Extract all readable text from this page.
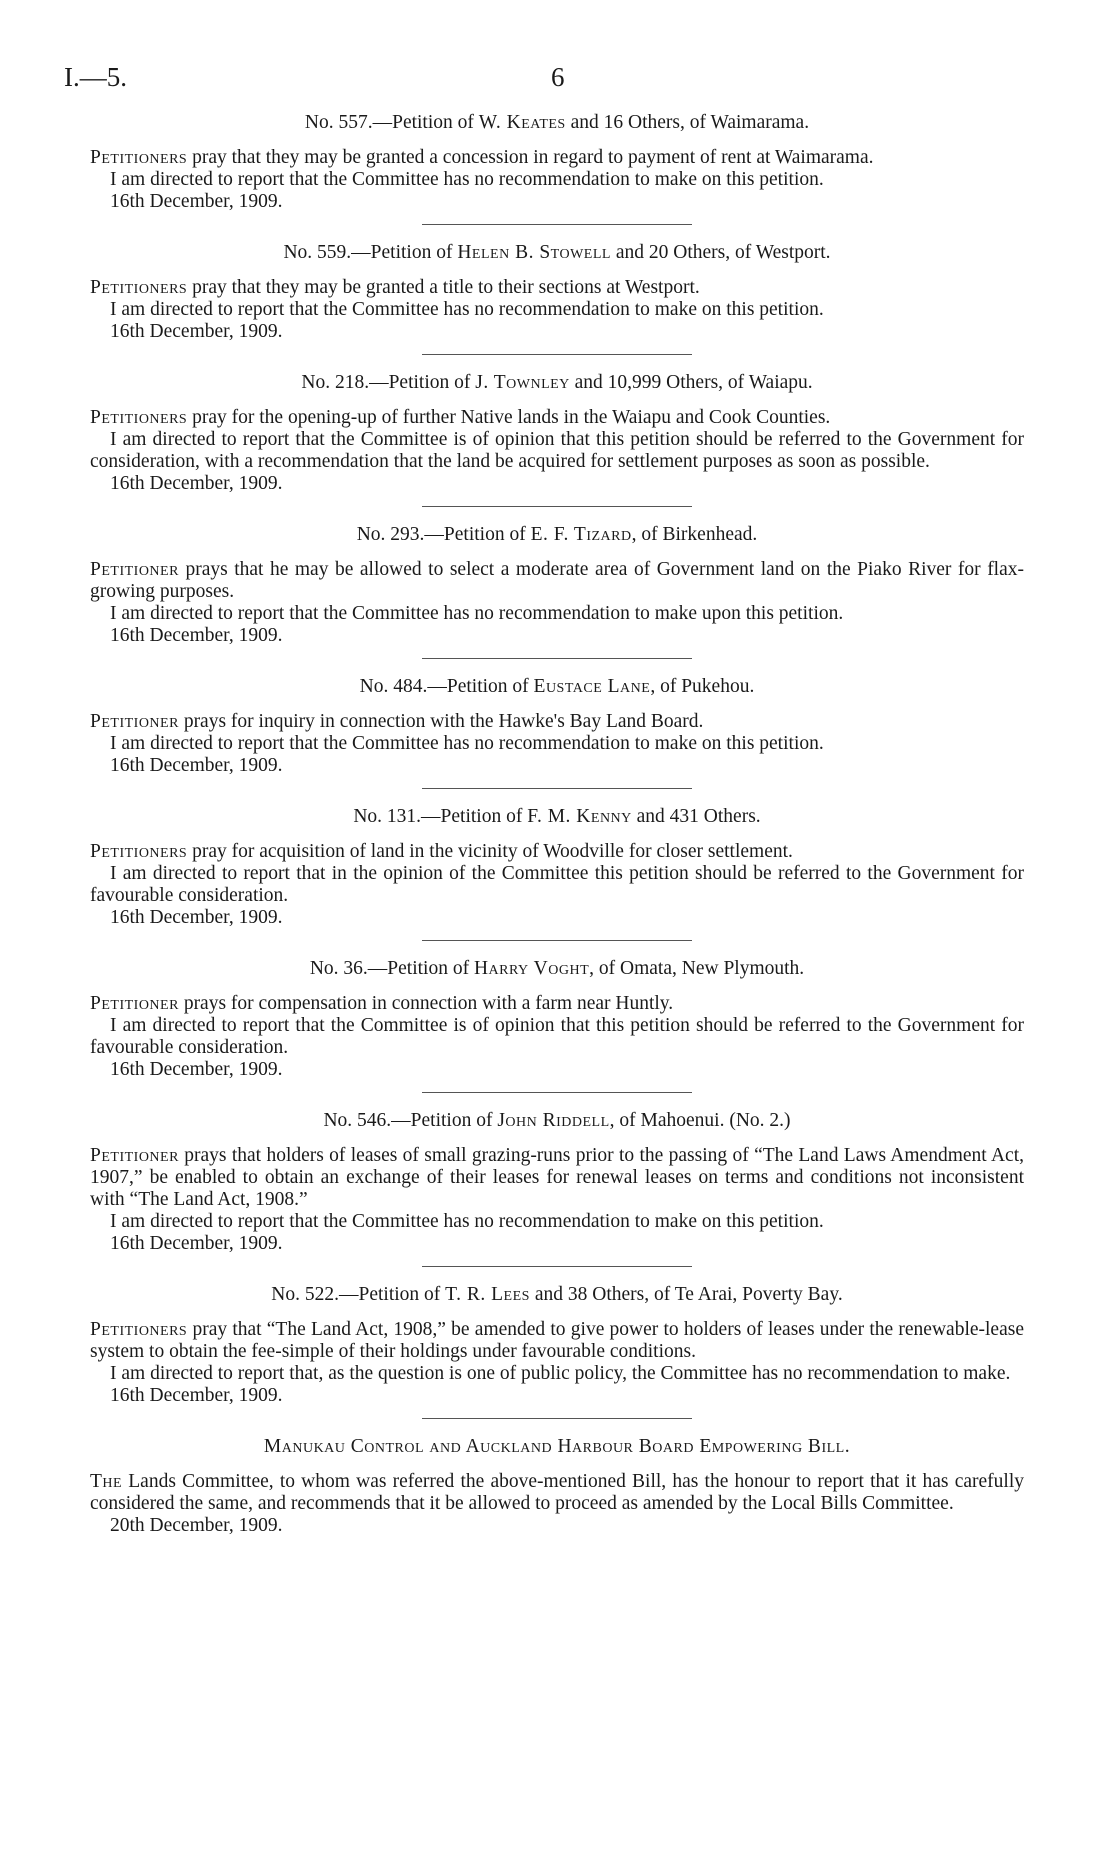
I.—5.	6

No. 557.—Petition of W. Keates and 16 Others, of Waimarama.

Petitioners pray that they may be granted a concession in regard to payment of rent at Waimarama.

I am directed to report that the Committee has no recommendation to make on this petition.

16th December, 1909.

No. 559.—Petition of Helen B. Stowell and 20 Others, of Westport.

Petitioners pray that they may be granted a title to their sections at Westport.

I am directed to report that the Committee has no recommendation to make on this petition.

16th December, 1909.

No. 218.—Petition of J. Townley and 10,999 Others, of Waiapu.

Petitioners pray for the opening-up of further Native lands in the Waiapu and Cook Counties.

I am directed to report that the Committee is of opinion that this petition should be referred to the Government for consideration, with a recommendation that the land be acquired for settlement purposes as soon as possible.

16th December, 1909.

No. 293.—Petition of E. F. Tizard, of Birkenhead.

Petitioner prays that he may be allowed to select a moderate area of Government land on the Piako River for flax-growing purposes.

I am directed to report that the Committee has no recommendation to make upon this petition.

16th December, 1909.

No. 484.—Petition of Eustace Lane, of Pukehou.

Petitioner prays for inquiry in connection with the Hawke's Bay Land Board.

I am directed to report that the Committee has no recommendation to make on this petition.

16th December, 1909.

No. 131.—Petition of F. M. Kenny and 431 Others.

Petitioners pray for acquisition of land in the vicinity of Woodville for closer settlement.

I am directed to report that in the opinion of the Committee this petition should be referred to the Government for favourable consideration.

16th December, 1909.

No. 36.—Petition of Harry Voght, of Omata, New Plymouth.

Petitioner prays for compensation in connection with a farm near Huntly.

I am directed to report that the Committee is of opinion that this petition should be referred to the Government for favourable consideration.

16th December, 1909.

No. 546.—Petition of John Riddell, of Mahoenui. (No. 2.)

Petitioner prays that holders of leases of small grazing-runs prior to the passing of “The Land Laws Amendment Act, 1907,” be enabled to obtain an exchange of their leases for renewal leases on terms and conditions not inconsistent with “The Land Act, 1908.”

I am directed to report that the Committee has no recommendation to make on this petition.

16th December, 1909.

No. 522.—Petition of T. R. Lees and 38 Others, of Te Arai, Poverty Bay.

Petitioners pray that “The Land Act, 1908,” be amended to give power to holders of leases under the renewable-lease system to obtain the fee-simple of their holdings under favourable conditions.

I am directed to report that, as the question is one of public policy, the Committee has no recommendation to make.

16th December, 1909.

Manukau Control and Auckland Harbour Board Empowering Bill.

The Lands Committee, to whom was referred the above-mentioned Bill, has the honour to report that it has carefully considered the same, and recommends that it be allowed to proceed as amended by the Local Bills Committee.

20th December, 1909.
